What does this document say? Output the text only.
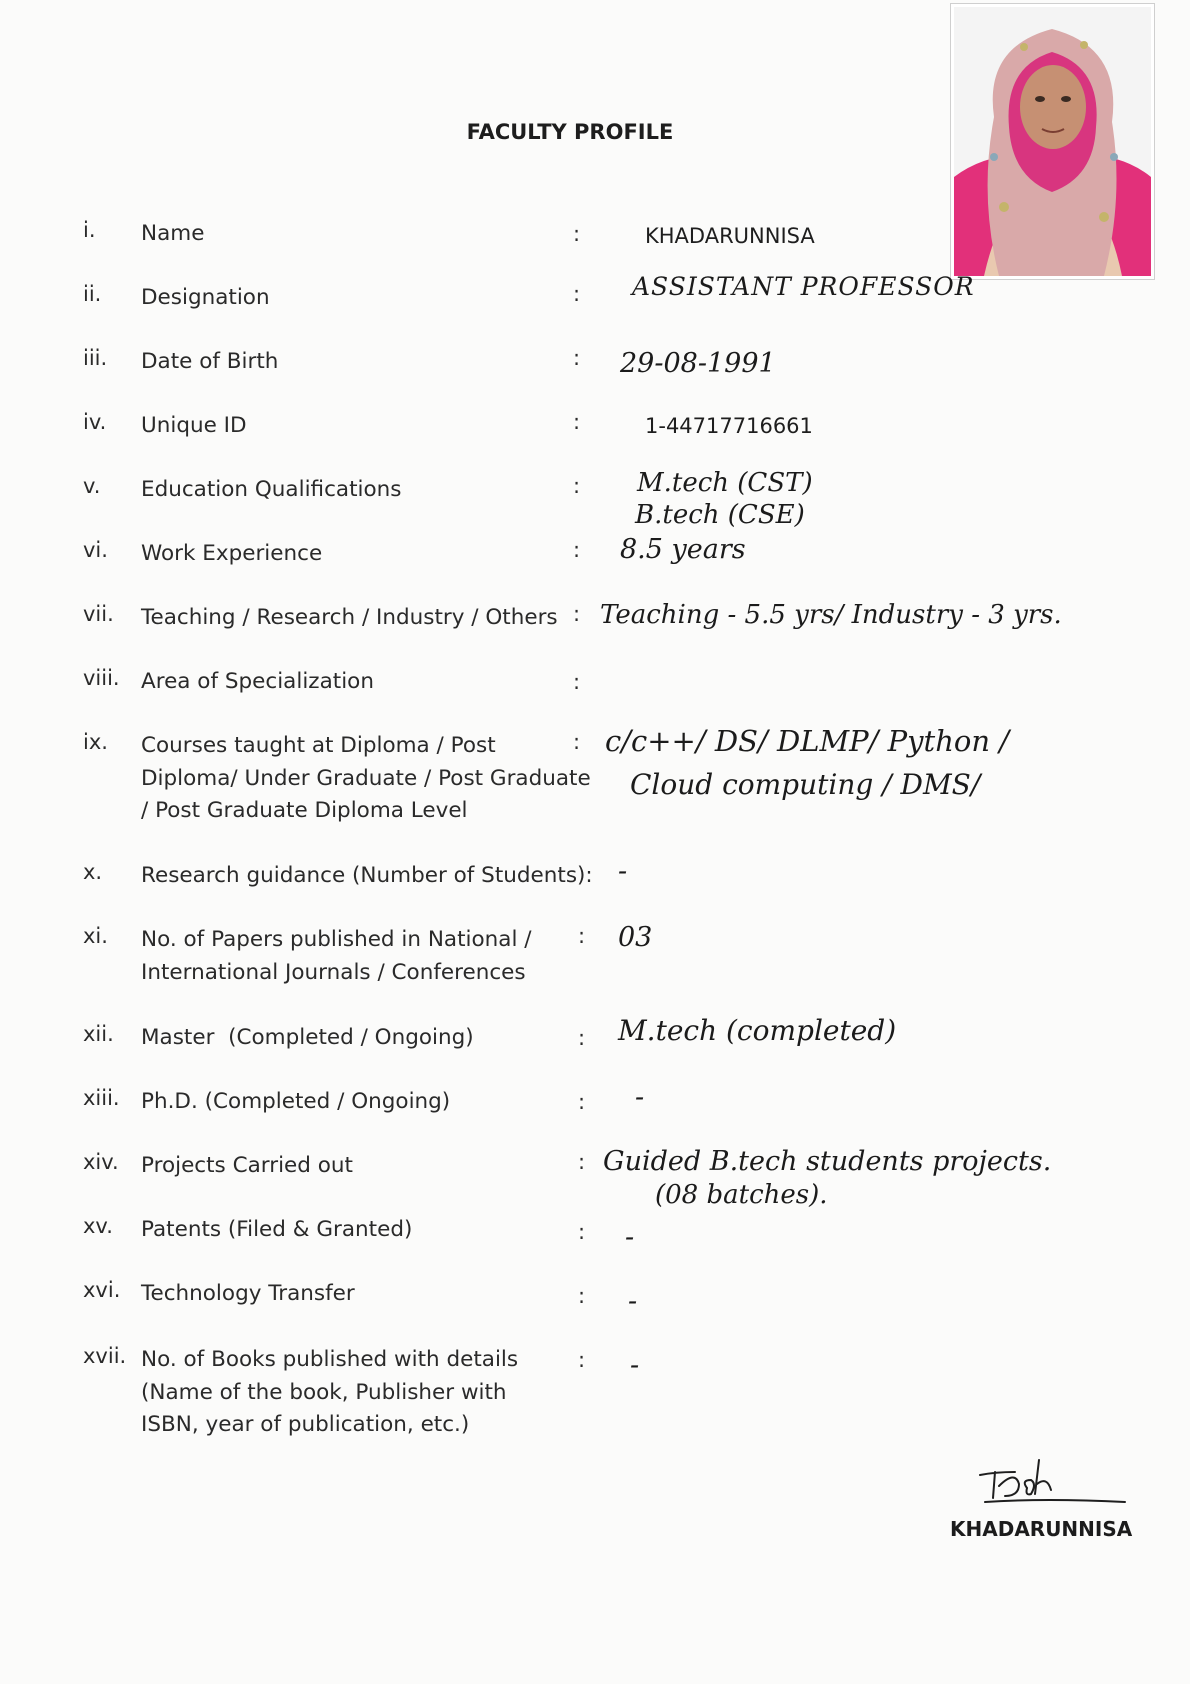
FACULTY PROFILE
i. Name	:	KHADARUNNISA
ii. Designation	: ASSISTANT PROFESSOR
iii. Date of Birth	: 29-08-1991
iv. Unique ID	:	1-44717716661
v. Education Qualifications	: M.tech (CST)
B.tech (CSE)
vi. Work Experience	: 8.5 years
vii. Teaching / Research / Industry / Others : Teaching - 5.5 yrs/ Industry - 3 yrs.
viii. Area of Specialization	:
ix. Courses taught at Diploma / Post Diploma/ Under Graduate / Post Graduate / Post Graduate Diploma Level
: c/c++/ DS/ DLMP/ Python /
Cloud computing / DMS/
x. Research guidance (Number of Students): -
xi. No. of Papers published in National / International Journals / Conferences
: 03
xii. Master  (Completed / Ongoing)	: M.tech (completed)
xiii. Ph.D. (Completed / Ongoing)	: -
xiv. Projects Carried out	: Guided B.tech students projects.
(08 batches).
xv. Patents (Filed & Granted)	: -
xvi. Technology Transfer	: -
xvii. No. of Books published with details (Name of the book, Publisher with ISBN, year of publication, etc.)
: -
KHADARUNNISA
